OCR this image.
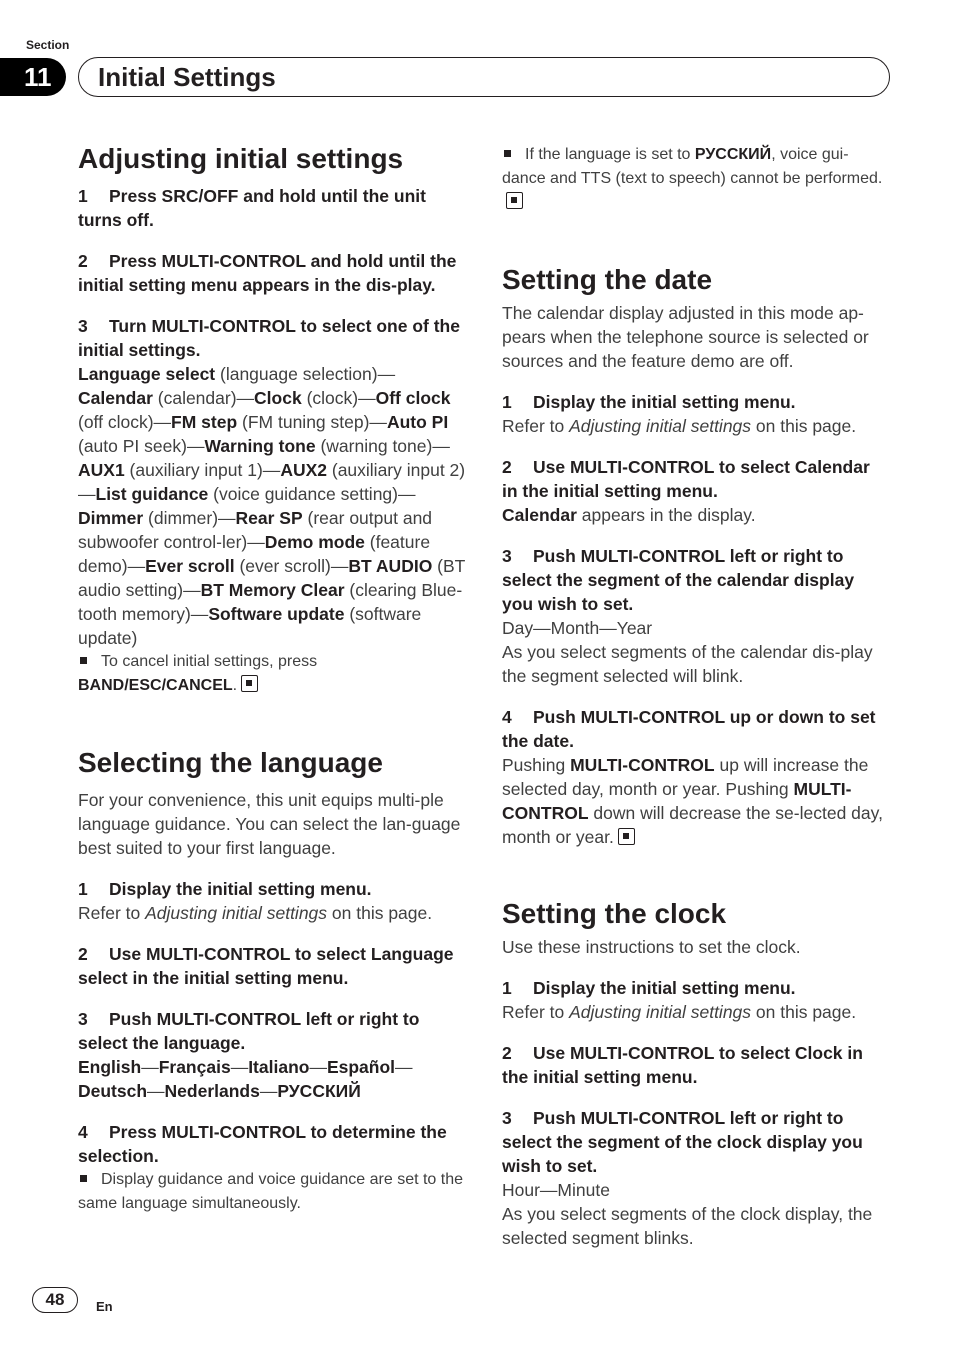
Section
11	Initial Settings
Adjusting initial settings
1 Press SRC/OFF and hold until the unit turns off.
2 Press MULTI-CONTROL and hold until the initial setting menu appears in the dis-play.
3 Turn MULTI-CONTROL to select one of the initial settings.
Language select (language selection)—Calendar (calendar)—Clock (clock)—Off clock (off clock)—FM step (FM tuning step)—Auto PI (auto PI seek)—Warning tone (warning tone)—AUX1 (auxiliary input 1)—AUX2 (auxiliary input 2)—List guidance (voice guidance setting)—Dimmer (dimmer)—Rear SP (rear output and subwoofer control-ler)—Demo mode (feature demo)—Ever scroll (ever scroll)—BT AUDIO (BT audio setting)—BT Memory Clear (clearing Blue-tooth memory)—Software update (software update)
To cancel initial settings, press
BAND/ESC/CANCEL.
Selecting the language

For your convenience, this unit equips multi-ple language guidance. You can select the lan-guage best suited to your first language.

1 Display the initial setting menu.

Refer to Adjusting initial settings on this page.

2 Use MULTI-CONTROL to select Language select in the initial setting menu.
3 Push MULTI-CONTROL left or right to select the language.
English—Français—Italiano—Español—Deutsch—Nederlands—РУССКИЙ
4 Press MULTI-CONTROL to determine the selection.
Display guidance and voice guidance are set to the same language simultaneously.
If the language is set to РУССКИЙ, voice gui-dance and TTS (text to speech) cannot be performed.
Setting the date

The calendar display adjusted in this mode ap-pears when the telephone source is selected or sources and the feature demo are off.

1 Display the initial setting menu.

Refer to Adjusting initial settings on this page.

2 Use MULTI-CONTROL to select Calendar in the initial setting menu.

Calendar appears in the display.

3 Push MULTI-CONTROL left or right to select the segment of the calendar display you wish to set.

Day—Month—Year

As you select segments of the calendar dis-play the segment selected will blink.

4 Push MULTI-CONTROL up or down to set the date.

Pushing MULTI-CONTROL up will increase the selected day, month or year. Pushing MULTI-CONTROL down will decrease the se-lected day, month or year.

Setting the clock

Use these instructions to set the clock.

1 Display the initial setting menu.

Refer to Adjusting initial settings on this page.

2 Use MULTI-CONTROL to select Clock in the initial setting menu.
3 Push MULTI-CONTROL left or right to select the segment of the clock display you wish to set.

Hour—Minute

As you select segments of the clock display, the selected segment blinks.

48	En
